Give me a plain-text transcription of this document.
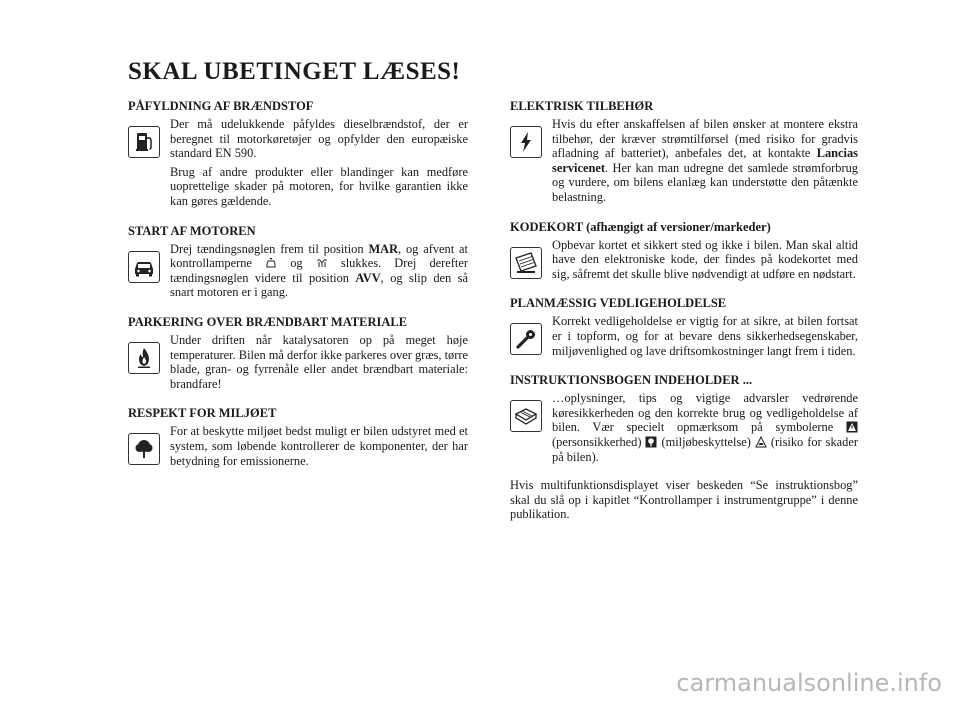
SKAL UBETINGET LÆSES!
PÅFYLDNING AF BRÆNDSTOF

Der må udelukkende påfyldes dieselbrændstof, der er beregnet til motorkøretøjer og opfylder den europæiske standard EN 590.

Brug af andre produkter eller blandinger kan medføre uoprettelige skader på motoren, for hvilke garantien ikke kan gøres gældende.

START AF MOTOREN

Drej tændingsnøglen frem til position MAR, og afvent at kontrollamperne  og  slukkes. Drej derefter tændingsnøglen videre til position AVV, og slip den så snart motoren er i gang.

PARKERING OVER BRÆNDBART MATERIALE

Under driften når katalysatoren op på meget høje temperaturer. Bilen må derfor ikke parkeres over græs, tørre blade, gran- og fyrrenåle eller andet brændbart materiale: brandfare!

RESPEKT FOR MILJØET

For at beskytte miljøet bedst muligt er bilen udstyret med et system, som løbende kontrollerer de komponenter, der har betydning for emissionerne.

ELEKTRISK TILBEHØR

Hvis du efter anskaffelsen af bilen ønsker at montere ekstra tilbehør, der kræver strømtilførsel (med risiko for gradvis afladning af batteriet), anbefales det, at kontakte Lancias servicenet. Her kan man udregne det samlede strømforbrug og vurdere, om bilens elanlæg kan understøtte den påtænkte belastning.

KODEKORT (afhængigt af versioner/markeder)

Opbevar kortet et sikkert sted og ikke i bilen. Man skal altid have den elektroniske kode, der findes på kodekortet med sig, såfremt det skulle blive nødvendigt at udføre en nødstart.

PLANMÆSSIG VEDLIGEHOLDELSE

Korrekt vedligeholdelse er vigtig for at sikre, at bilen fortsat er i topform, og for at bevare dens sikkerhedsegenskaber, miljøvenlighed og lave driftsomkostninger langt frem i tiden.

INSTRUKTIONSBOGEN INDEHOLDER ...

…oplysninger, tips og vigtige advarsler vedrørende køresikkerheden og den korrekte brug og vedligeholdelse af bilen. Vær specielt opmærksom på symbolerne  (personsikkerhed)  (miljøbeskyttelse)  (risiko for skader på bilen).

Hvis multifunktionsdisplayet viser beskeden “Se instruktionsbog” skal du slå op i kapitlet “Kontrollamper i instrumentgruppe” i denne publikation.

carmanualsonline.info
